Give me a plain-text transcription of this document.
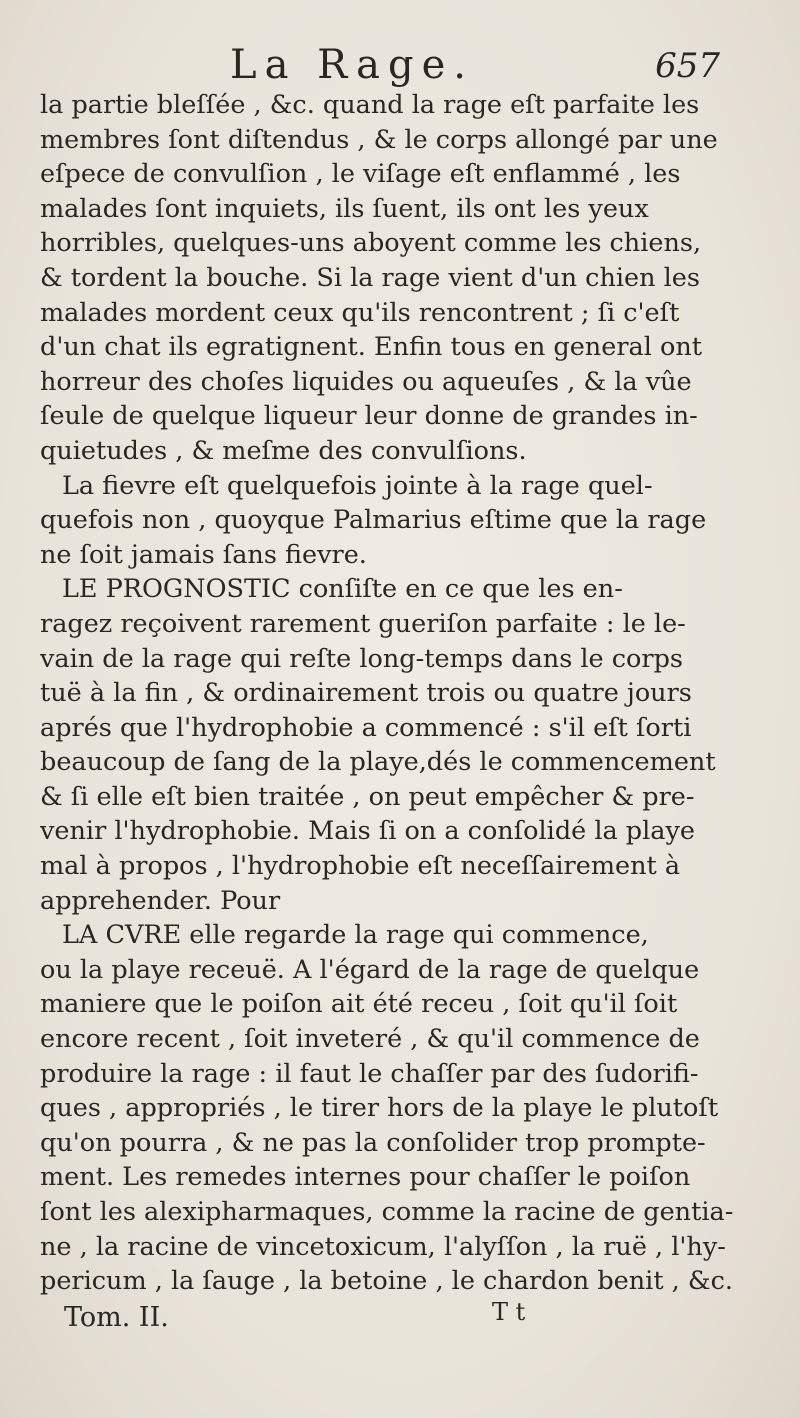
La Rage.	657
la partie bleſſée , &c. quand la rage eſt parfaite les
membres ſont diſtendus , & le corps allongé par une
eſpece de convulſion , le viſage eſt enflammé , les
malades ſont inquiets, ils ſuent, ils ont les yeux
horribles, quelques-uns aboyent comme les chiens,
& tordent la bouche. Si la rage vient d'un chien les
malades mordent ceux qu'ils rencontrent ; ſi c'eſt
d'un chat ils egratignent. Enfin tous en general ont
horreur des choſes liquides ou aqueuſes , & la vûe
ſeule de quelque liqueur leur donne de grandes in-
quietudes , & meſme des convulſions.
La fievre eſt quelquefois jointe à la rage quel-
quefois non , quoyque Palmarius eſtime que la rage
ne ſoit jamais ſans fievre.
LE PROGNOSTIC conſiſte en ce que les en-
ragez reçoivent rarement gueriſon parfaite : le le-
vain de la rage qui reſte long-temps dans le corps
tuë à la fin , & ordinairement trois ou quatre jours
aprés que l'hydrophobie a commencé : s'il eſt ſorti
beaucoup de ſang de la playe,dés le commencement
& ſi elle eſt bien traitée , on peut empêcher & pre-
venir l'hydrophobie. Mais ſi on a conſolidé la playe
mal à propos , l'hydrophobie eſt neceſſairement à
apprehender. Pour
LA CVRE elle regarde la rage qui commence,
ou la playe receuë. A l'égard de la rage de quelque
maniere que le poiſon ait été receu , ſoit qu'il ſoit
encore recent , ſoit inveteré , & qu'il commence de
produire la rage : il faut le chaſſer par des ſudorifi-
ques , appropriés , le tirer hors de la playe le plutoſt
qu'on pourra , & ne pas la conſolider trop prompte-
ment. Les remedes internes pour chaſſer le poiſon
ſont les alexipharmaques, comme la racine de gentia-
ne , la racine de vincetoxicum, l'alyſſon , la ruë , l'hy-
pericum , la ſauge , la betoine , le chardon benit , &c.
Tom. II.	T t
